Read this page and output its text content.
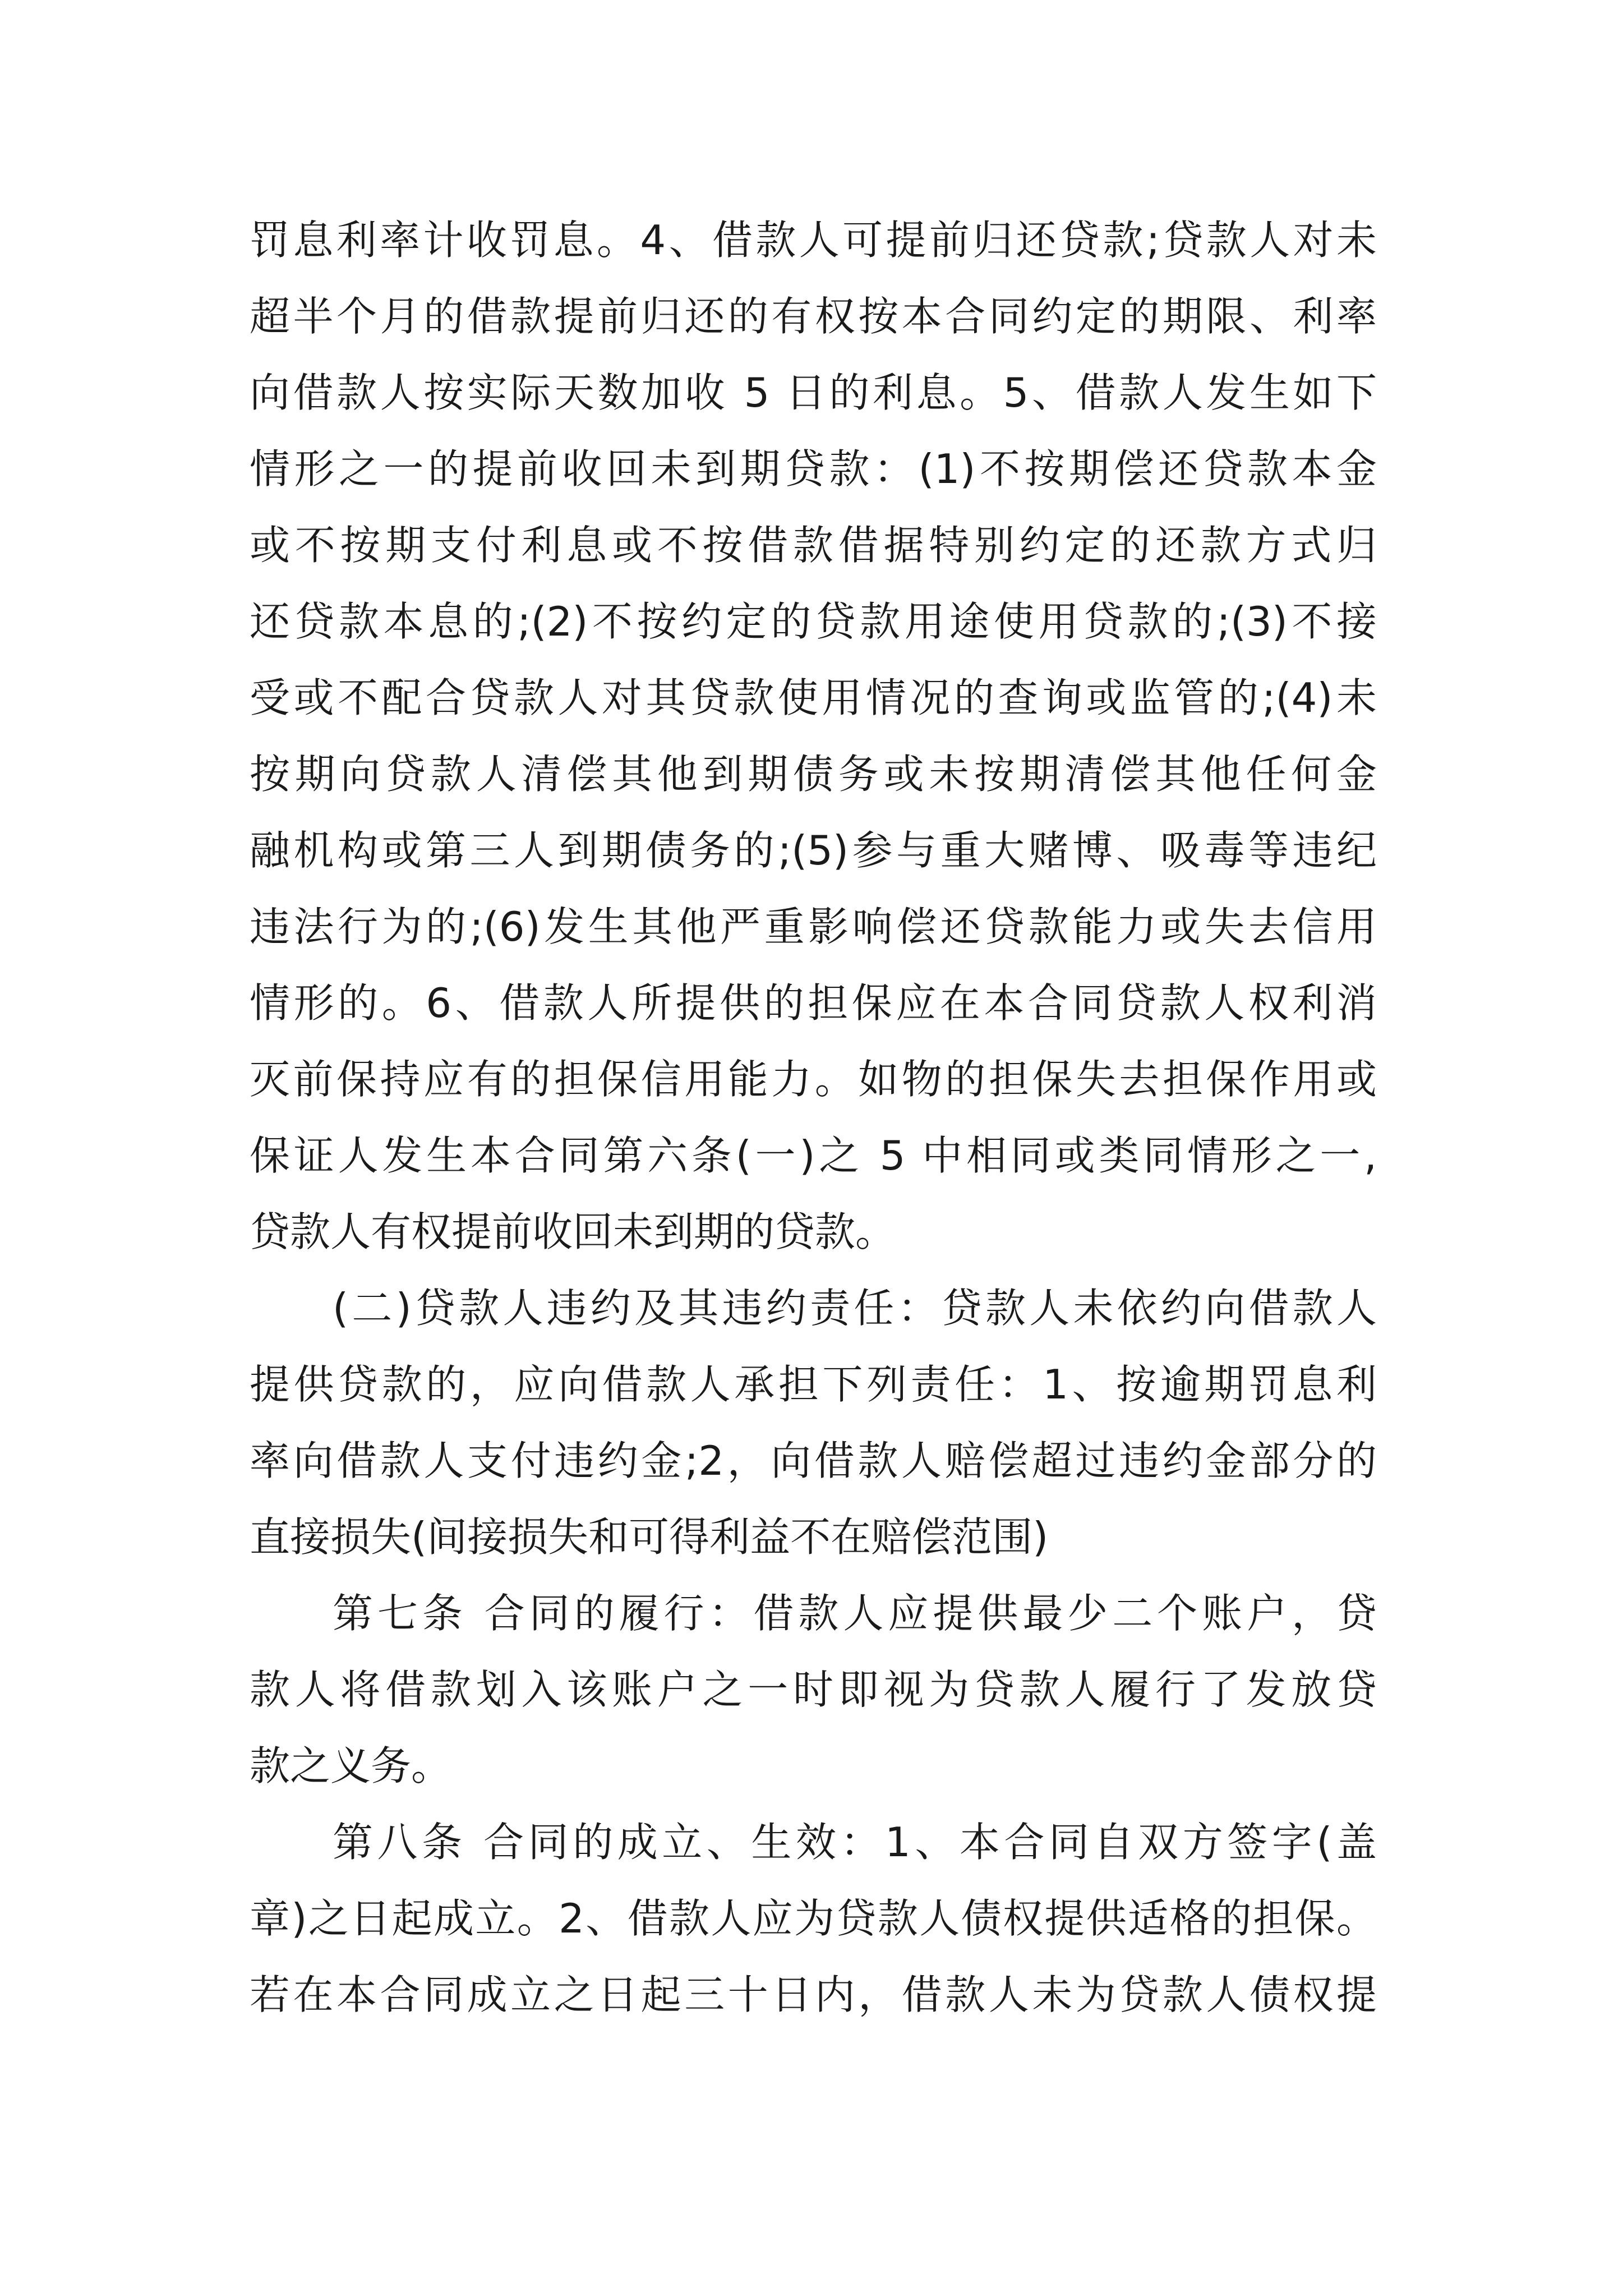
罚息利率计收罚息。4、借款人可提前归还贷款;贷款人对未
超半个月的借款提前归还的有权按本合同约定的期限、利率
向借款人按实际天数加收 5 日的利息。5、借款人发生如下
情形之一的提前收回未到期贷款：(1)不按期偿还贷款本金
或不按期支付利息或不按借款借据特别约定的还款方式归
还贷款本息的;(2)不按约定的贷款用途使用贷款的;(3)不接
受或不配合贷款人对其贷款使用情况的查询或监管的;(4)未
按期向贷款人清偿其他到期债务或未按期清偿其他任何金
融机构或第三人到期债务的;(5)参与重大赌博、吸毒等违纪
违法行为的;(6)发生其他严重影响偿还贷款能力或失去信用
情形的。6、借款人所提供的担保应在本合同贷款人权利消
灭前保持应有的担保信用能力。如物的担保失去担保作用或
保证人发生本合同第六条(一)之 5 中相同或类同情形之一,
贷款人有权提前收回未到期的贷款。
(二)贷款人违约及其违约责任：贷款人未依约向借款人
提供贷款的，应向借款人承担下列责任：1、按逾期罚息利
率向借款人支付违约金;2，向借款人赔偿超过违约金部分的
直接损失(间接损失和可得利益不在赔偿范围)
第七条 合同的履行：借款人应提供最少二个账户，贷
款人将借款划入该账户之一时即视为贷款人履行了发放贷
款之义务。
第八条 合同的成立、生效：1、本合同自双方签字(盖
章)之日起成立。2、借款人应为贷款人债权提供适格的担保。
若在本合同成立之日起三十日内，借款人未为贷款人债权提
